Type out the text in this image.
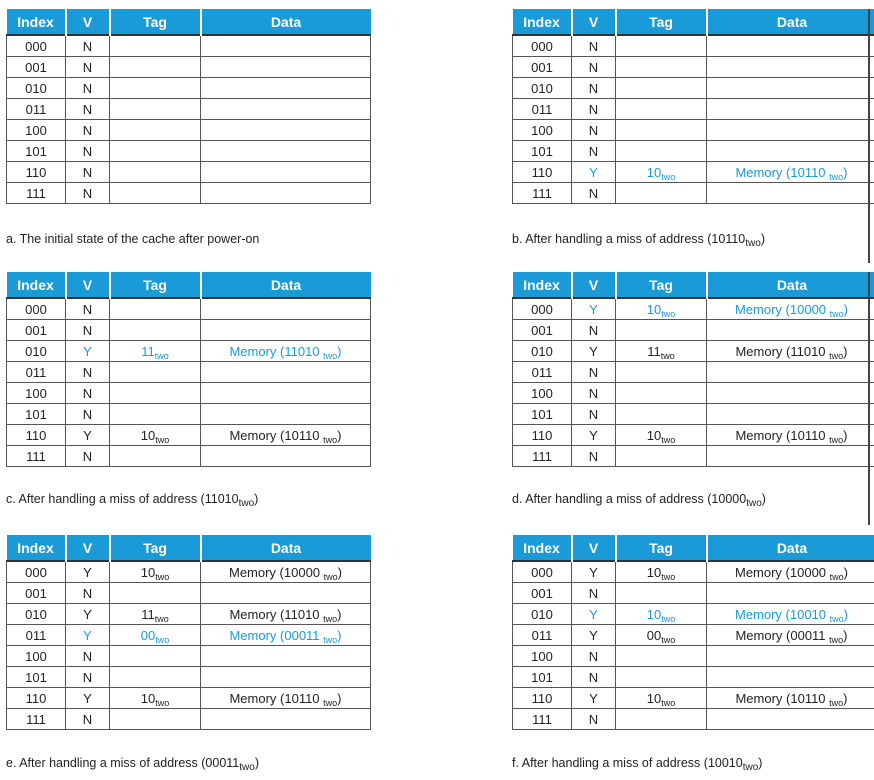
Index	V	Tag	Data
000	N		
001	N		
010	N		
011	N		
100	N		
101	N		
110	N		
111	N		
a. The initial state of the cache after power-on
Index	V	Tag	Data
000	N		
001	N		
010	N		
011	N		
100	N		
101	N		
110	Y	$10_{two}$	Memory (10110 $_{two}$)
111	N		
b. After handling a miss of address $(10110_{two})$
Index	V	Tag	Data
000	N		
001	N		
010	Y	$11_{two}$	Memory (11010 $_{two}$)
011	N		
100	N		
101	N		
110	Y	$10_{two}$	Memory (10110 $_{two}$)
111	N		
c. After handling a miss of address $(11010_{two})$
Index	V	Tag	Data
000	Y	$10_{two}$	Memory (10000 $_{two}$)
001	N		
010	Y	$11_{two}$	Memory (11010 $_{two}$)
011	N		
100	N		
101	N		
110	Y	$10_{two}$	Memory (10110 $_{two}$)
111	N		
d. After handling a miss of address $(10000_{two})$
Index	V	Tag	Data
000	Y	$10_{two}$	Memory (10000 $_{two}$)
001	N		
010	Y	$11_{two}$	Memory (11010 $_{two}$)
011	Y	$00_{two}$	Memory (00011 $_{two}$)
100	N		
101	N		
110	Y	$10_{two}$	Memory (10110 $_{two}$)
111	N		
e. After handling a miss of address $(00011_{two})$
Index	V	Tag	Data
000	Y	$10_{two}$	Memory (10000 $_{two}$)
001	N		
010	Y	$10_{two}$	Memory (10010 $_{two}$)
011	Y	$00_{two}$	Memory (00011 $_{two}$)
100	N		
101	N		
110	Y	$10_{two}$	Memory (10110 $_{two}$)
111	N		
f. After handling a miss of address $(10010_{two})$
